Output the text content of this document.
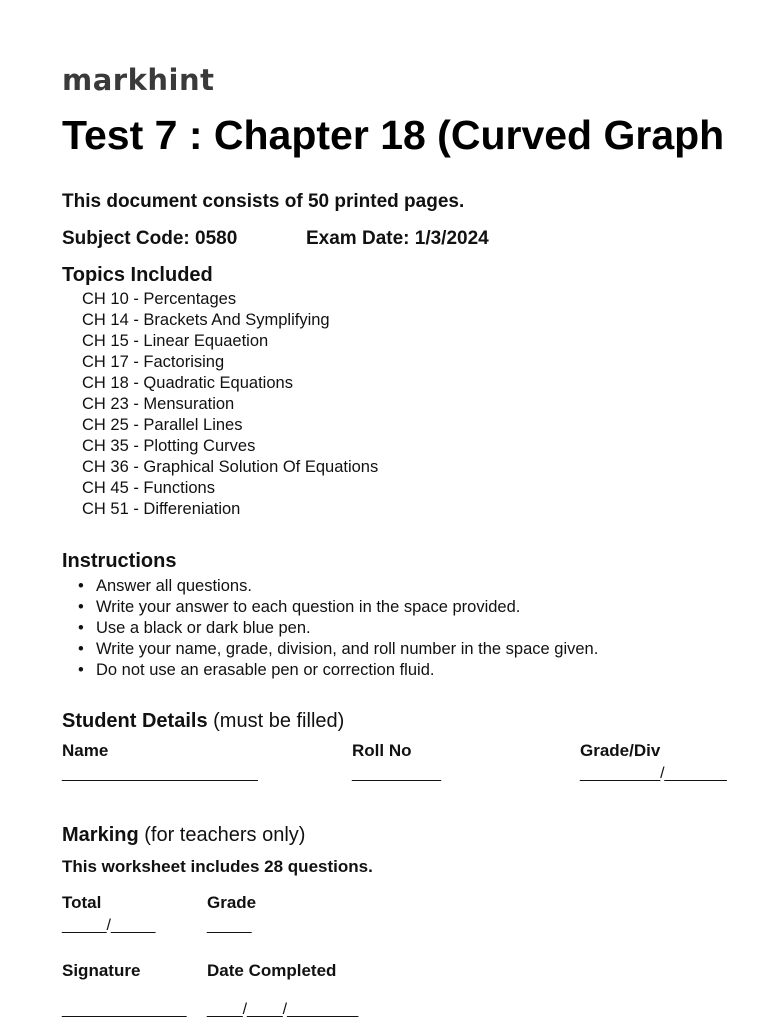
markhint
Test 7 : Chapter 18 (Curved Graph
This document consists of 50 printed pages.
Subject Code: 0580	Exam Date: 1/3/2024
Topics Included
CH 10 - Percentages
CH 14 - Brackets And Symplifying
CH 15 - Linear Equaetion
CH 17 - Factorising
CH 18 - Quadratic Equations
CH 23 - Mensuration
CH 25 - Parallel Lines
CH 35 - Plotting Curves
CH 36 - Graphical Solution Of Equations
CH 45 - Functions
CH 51 - Differeniation
Instructions
• Answer all questions.
• Write your answer to each question in the space provided.
• Use a black or dark blue pen.
• Write your name, grade, division, and roll number in the space given.
• Do not use an erasable pen or correction fluid.
Student Details (must be filled)
Name
______________________
Roll No
__________
Grade/Div
_________/_______
Marking (for teachers only)
This worksheet includes 28 questions.
Total
_____/_____
Grade
_____
Signature
______________
Date Completed
____/____/________
